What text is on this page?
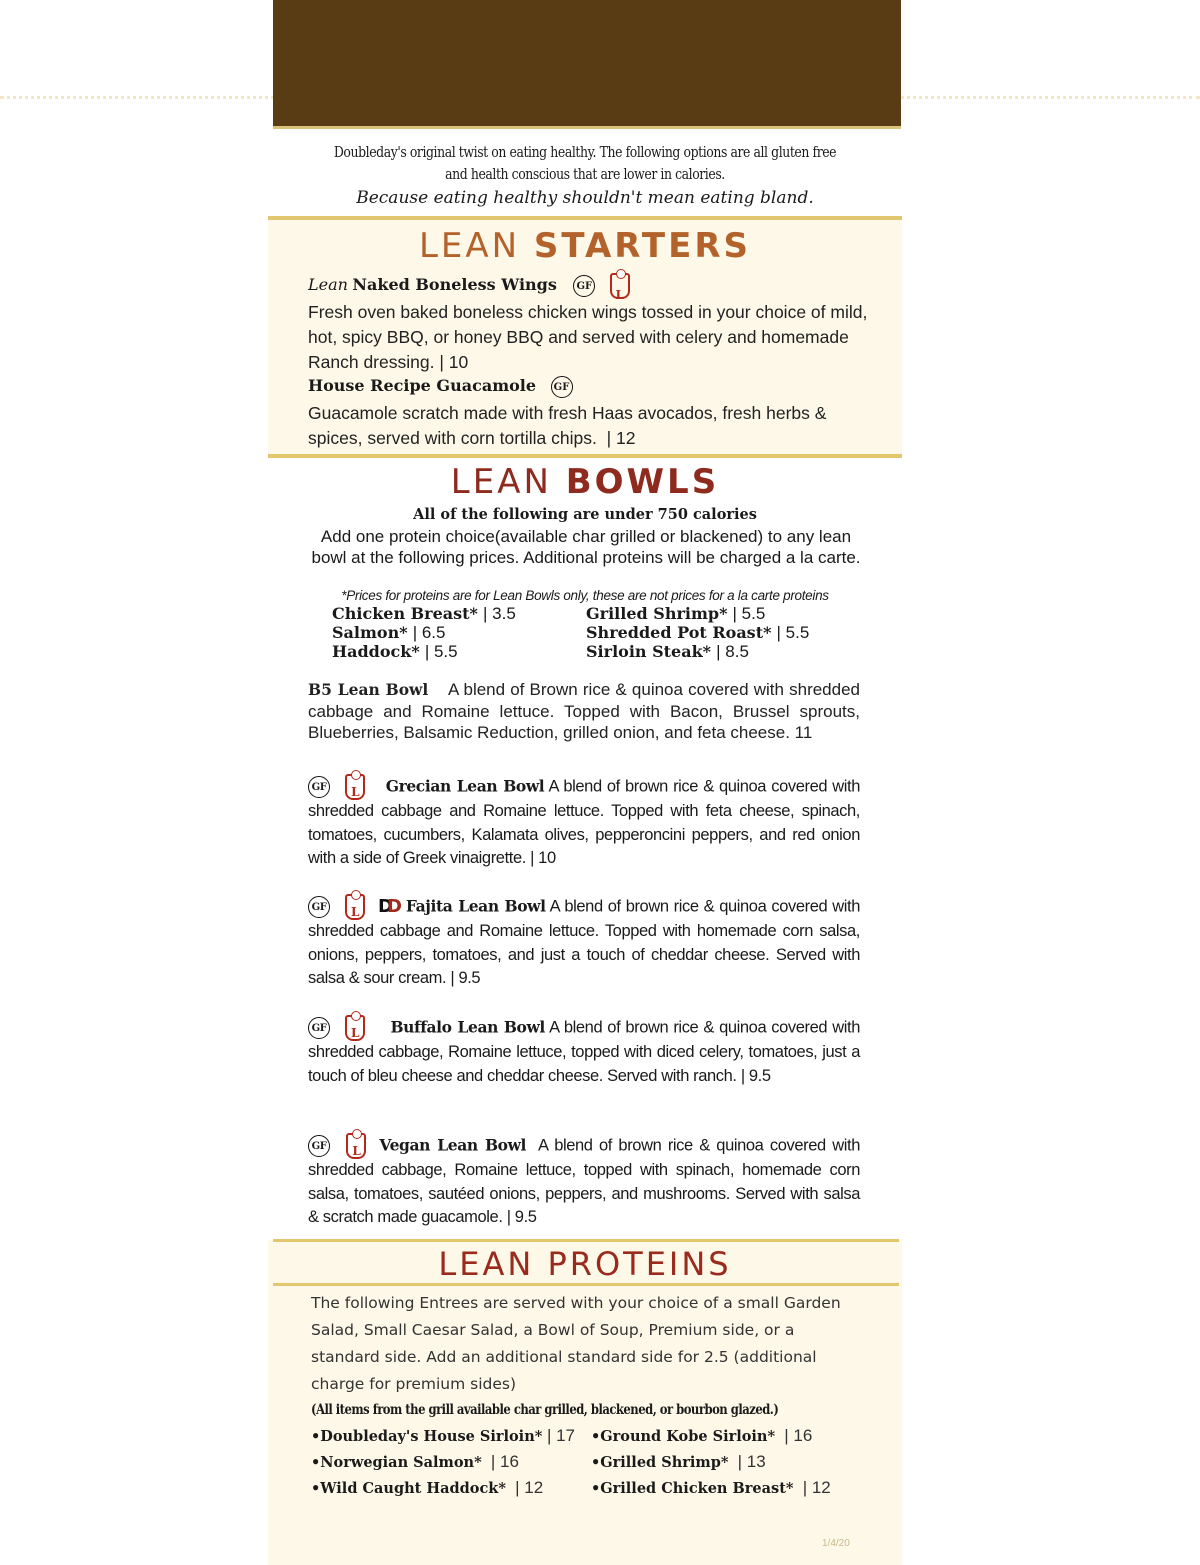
Doubleday's original twist on eating healthy. The following options are all gluten free
and health conscious that are lower in calories.
Because eating healthy shouldn't mean eating bland.
LEAN STARTERS
Lean Naked Boneless Wings GF L
Fresh oven baked boneless chicken wings tossed in your choice of mild, hot, spicy BBQ, or honey BBQ and served with celery and homemade Ranch dressing. | 10
House Recipe Guacamole GF
Guacamole scratch made with fresh Haas avocados, fresh herbs & spices, served with corn tortilla chips. | 12
LEAN BOWLS
All of the following are under 750 calories
Add one protein choice(available char grilled or blackened) to any lean bowl at the following prices. Additional proteins will be charged a la carte.
*Prices for proteins are for Lean Bowls only, these are not prices for a la carte proteins
Chicken Breast* | 3.5	Grilled Shrimp* | 5.5
Salmon* | 6.5	Shredded Pot Roast* | 5.5
Haddock* | 5.5	Sirloin Steak* | 8.5
B5 Lean Bowl A blend of Brown rice & quinoa covered with shredded cabbage and Romaine lettuce. Topped with Bacon, Brussel sprouts, Blueberries, Balsamic Reduction, grilled onion, and feta cheese. 11
GF L	Grecian Lean Bowl A blend of brown rice & quinoa covered with shredded cabbage and Romaine lettuce. Topped with feta cheese, spinach, tomatoes, cucumbers, Kalamata olives, pepperoncini peppers, and red onion with a side of Greek vinaigrette. | 10
GF L	DD Fajita Lean Bowl A blend of brown rice & quinoa covered with shredded cabbage and Romaine lettuce. Topped with homemade corn salsa, onions, peppers, tomatoes, and just a touch of cheddar cheese. Served with salsa & sour cream. | 9.5
GF L	Buffalo Lean Bowl A blend of brown rice & quinoa covered with shredded cabbage, Romaine lettuce, topped with diced celery, tomatoes, just a touch of bleu cheese and cheddar cheese. Served with ranch. | 9.5
GF L	Vegan Lean Bowl A blend of brown rice & quinoa covered with shredded cabbage, Romaine lettuce, topped with spinach, homemade corn salsa, tomatoes, sautéed onions, peppers, and mushrooms. Served with salsa & scratch made guacamole. | 9.5
LEAN PROTEINS
The following Entrees are served with your choice of a small Garden
Salad, Small Caesar Salad, a Bowl of Soup, Premium side, or a
standard side. Add an additional standard side for 2.5 (additional
charge for premium sides)
(All items from the grill available char grilled, blackened, or bourbon glazed.)
•Doubleday's House Sirloin* | 17 •Ground Kobe Sirloin* | 16
•Norwegian Salmon* | 16	•Grilled Shrimp* | 13
•Wild Caught Haddock* | 12	•Grilled Chicken Breast* | 12
1/4/20
